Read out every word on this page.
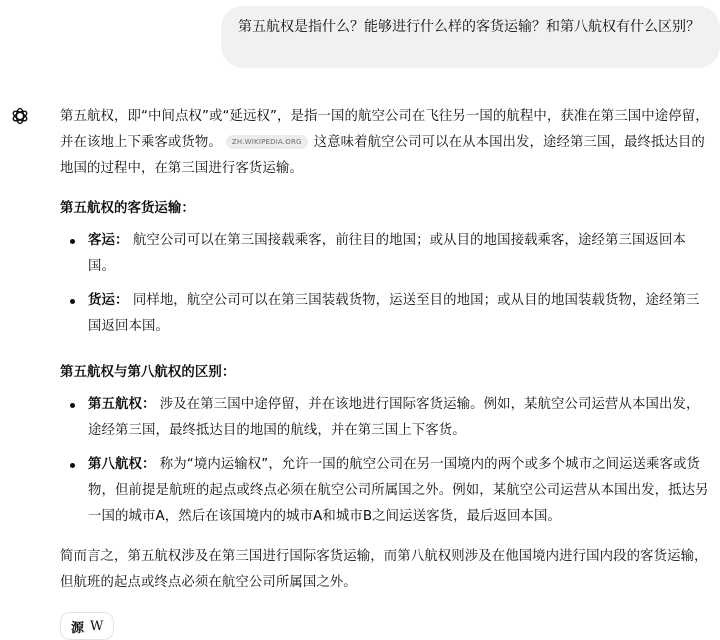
第五航权是指什么？能够进行什么样的客货运输？和第八航权有什么区别？

第五航权，即“中间点权”或“延远权”，是指一国的航空公司在飞往另一国的航程中，获准在第三国中途停留，并在该地上下乘客或货物。 ZH.WIKIPEDIA.ORG 这意味着航空公司可以在从本国出发，途经第三国，最终抵达目的地国的过程中，在第三国进行客货运输。

第五航权的客货运输：

客运： 航空公司可以在第三国接载乘客，前往目的地国；或从目的地国接载乘客，途经第三国返回本国。
货运： 同样地，航空公司可以在第三国装载货物，运送至目的地国；或从目的地国装载货物，途经第三国返回本国。

第五航权与第八航权的区别：

第五航权： 涉及在第三国中途停留，并在该地进行国际客货运输。例如，某航空公司运营从本国出发，途经第三国，最终抵达目的地国的航线，并在第三国上下客货。
第八航权： 称为“境内运输权”，允许一国的航空公司在另一国境内的两个或多个城市之间运送乘客或货物，但前提是航班的起点或终点必须在航空公司所属国之外。例如，某航空公司运营从本国出发，抵达另一国的城市A，然后在该国境内的城市A和城市B之间运送客货，最后返回本国。

简而言之，第五航权涉及在第三国进行国际客货运输，而第八航权则涉及在他国境内进行国内段的客货运输，但航班的起点或终点必须在航空公司所属国之外。

源 W
